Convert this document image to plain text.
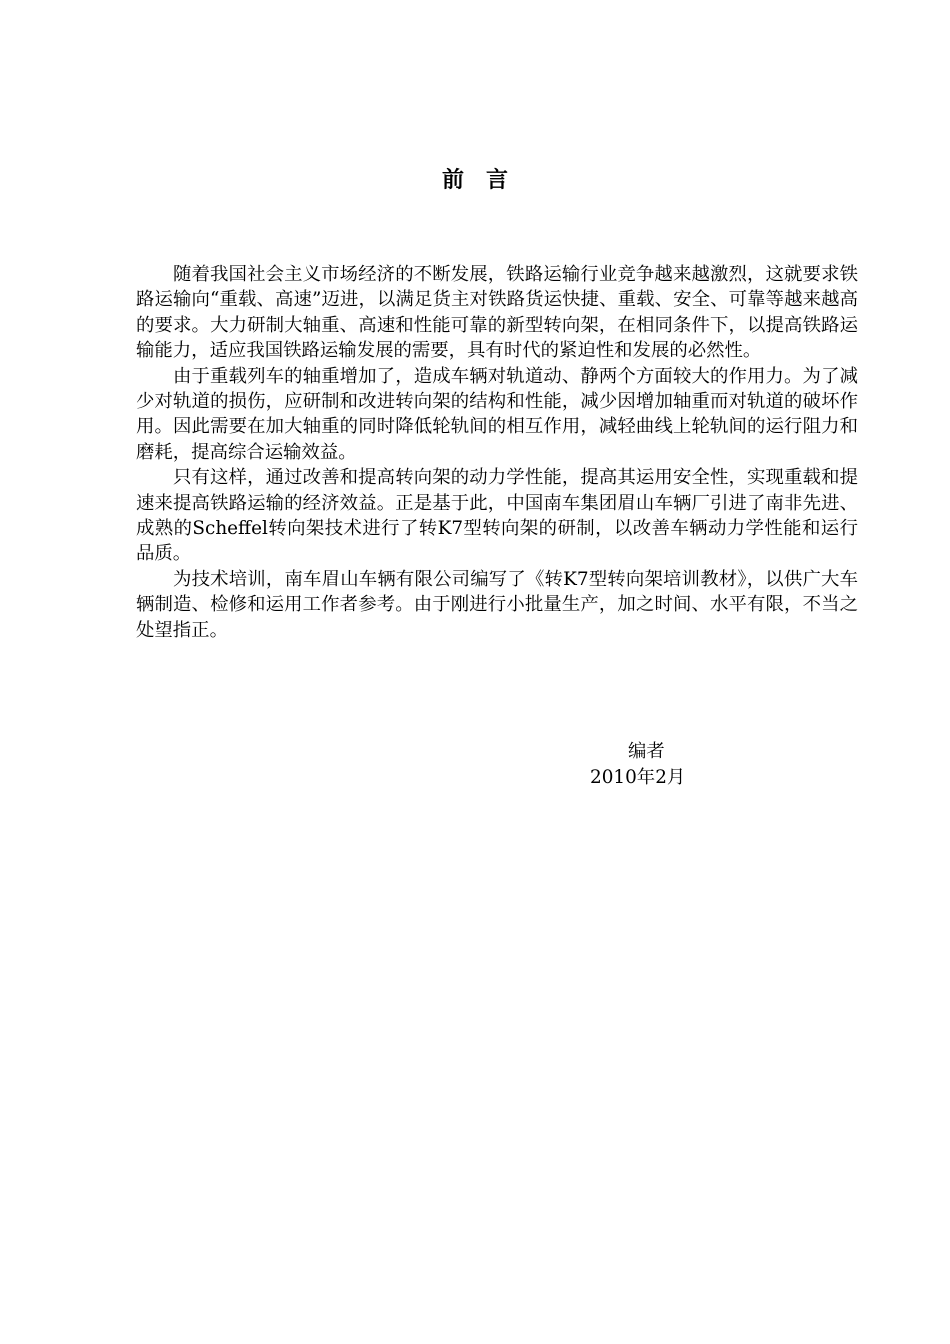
前言

随着我国社会主义市场经济的不断发展，铁路运输行业竞争越来越激烈，这就要求铁路运输向“重载、高速”迈进，以满足货主对铁路货运快捷、重载、安全、可靠等越来越高的要求。大力研制大轴重、高速和性能可靠的新型转向架，在相同条件下，以提高铁路运输能力，适应我国铁路运输发展的需要，具有时代的紧迫性和发展的必然性。

由于重载列车的轴重增加了，造成车辆对轨道动、静两个方面较大的作用力。为了减少对轨道的损伤，应研制和改进转向架的结构和性能，减少因增加轴重而对轨道的破坏作用。因此需要在加大轴重的同时降低轮轨间的相互作用，减轻曲线上轮轨间的运行阻力和磨耗，提高综合运输效益。

只有这样，通过改善和提高转向架的动力学性能，提高其运用安全性，实现重载和提速来提高铁路运输的经济效益。正是基于此，中国南车集团眉山车辆厂引进了南非先进、成熟的Scheffel转向架技术进行了转K7型转向架的研制，以改善车辆动力学性能和运行品质。

为技术培训，南车眉山车辆有限公司编写了《转K7型转向架培训教材》，以供广大车辆制造、检修和运用工作者参考。由于刚进行小批量生产，加之时间、水平有限，不当之处望指正。

编者
2010年2月
